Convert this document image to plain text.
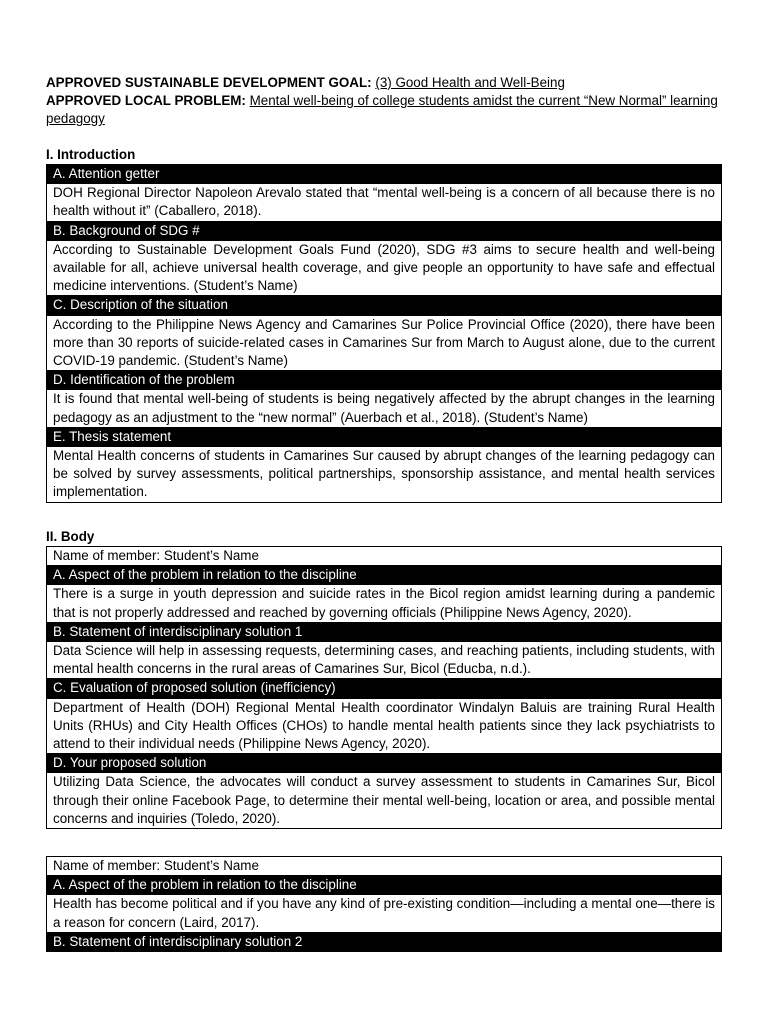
APPROVED SUSTAINABLE DEVELOPMENT GOAL: (3) Good Health and Well-Being
APPROVED LOCAL PROBLEM: Mental well-being of college students amidst the current “New Normal” learning pedagogy
I. Introduction
A. Attention getter
DOH Regional Director Napoleon Arevalo stated that “mental well-being is a concern of all because there is no health without it” (Caballero, 2018).
B. Background of SDG #
According to Sustainable Development Goals Fund (2020), SDG #3 aims to secure health and well-being available for all, achieve universal health coverage, and give people an opportunity to have safe and effectual medicine interventions. (Student’s Name)
C. Description of the situation
According to the Philippine News Agency and Camarines Sur Police Provincial Office (2020), there have been more than 30 reports of suicide-related cases in Camarines Sur from March to August alone, due to the current COVID-19 pandemic. (Student’s Name)
D. Identification of the problem
It is found that mental well-being of students is being negatively affected by the abrupt changes in the learning pedagogy as an adjustment to the “new normal” (Auerbach et al., 2018). (Student’s Name)
E. Thesis statement
Mental Health concerns of students in Camarines Sur caused by abrupt changes of the learning pedagogy can be solved by survey assessments, political partnerships, sponsorship assistance, and mental health services implementation.
II. Body
Name of member: Student’s Name
A. Aspect of the problem in relation to the discipline
There is a surge in youth depression and suicide rates in the Bicol region amidst learning during a pandemic that is not properly addressed and reached by governing officials (Philippine News Agency, 2020).
B. Statement of interdisciplinary solution 1
Data Science will help in assessing requests, determining cases, and reaching patients, including students, with mental health concerns in the rural areas of Camarines Sur, Bicol (Educba, n.d.).
C. Evaluation of proposed solution (inefficiency)
Department of Health (DOH) Regional Mental Health coordinator Windalyn Baluis are training Rural Health Units (RHUs) and City Health Offices (CHOs) to handle mental health patients since they lack psychiatrists to attend to their individual needs (Philippine News Agency, 2020).
D. Your proposed solution
Utilizing Data Science, the advocates will conduct a survey assessment to students in Camarines Sur, Bicol through their online Facebook Page, to determine their mental well-being, location or area, and possible mental concerns and inquiries (Toledo, 2020).
Name of member: Student’s Name
A. Aspect of the problem in relation to the discipline
Health has become political and if you have any kind of pre-existing condition—including a mental one—there is a reason for concern (Laird, 2017).
B. Statement of interdisciplinary solution 2
